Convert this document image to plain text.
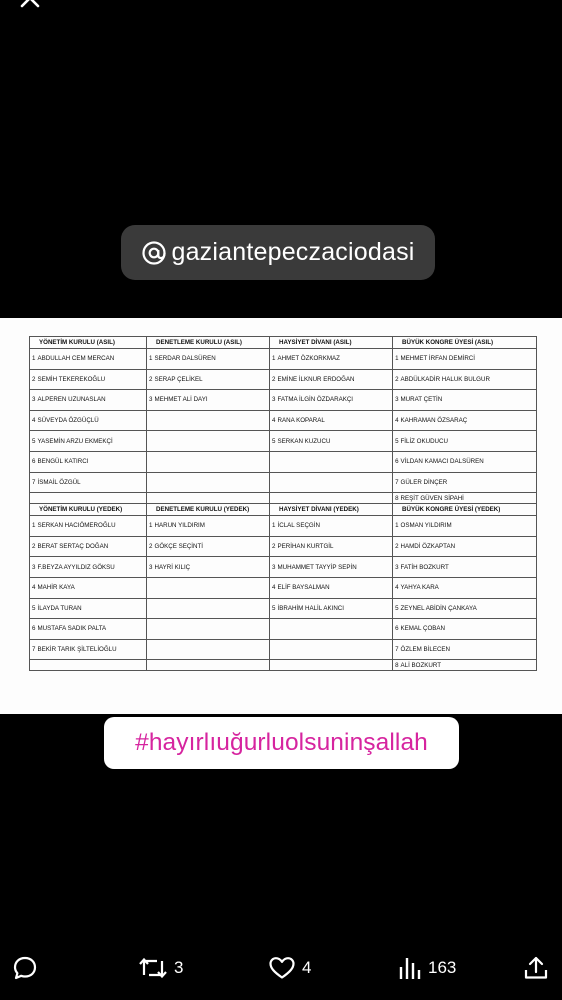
gaziantepeczaciodasi
YÖNETİM KURULU (ASIL)		DENETLEME KURULU (ASIL)		HAYSİYET DİVANI (ASIL)		BÜYÜK KONGRE ÜYESİ (ASIL)	
1	ABDULLAH CEM MERCAN	1	SERDAR DALSÜREN	1	AHMET ÖZKORKMAZ	1	MEHMET İRFAN DEMİRCİ
2	SEMİH TEKEREKOĞLU	2	SERAP ÇELİKEL	2	EMİNE İLKNUR ERDOĞAN	2	ABDÜLKADİR HALUK BULGUR
3	ALPEREN UZUNASLAN	3	MEHMET ALİ DAYI	3	FATMA İLGİN ÖZDARAKÇI	3	MURAT ÇETİN
4	SÜVEYDA ÖZGÜÇLÜ			4	RANA KOPARAL	4	KAHRAMAN ÖZSARAÇ
5	YASEMİN ARZU EKMEKÇİ			5	SERKAN KUZUCU	5	FİLİZ OKUDUCU
6	BENGÜL KATIRCI					6	VİLDAN KAMACI DALSÜREN
7	İSMAİL ÖZGÜL					7	GÜLER DİNÇER
						8	REŞİT GÜVEN SİPAHİ
YÖNETİM KURULU (YEDEK)		DENETLEME KURULU (YEDEK)		HAYSİYET DİVANI (YEDEK)		BÜYÜK KONGRE ÜYESİ (YEDEK)	
1	SERKAN HACIÖMEROĞLU	1	HARUN YILDIRIM	1	İCLAL SEÇGİN	1	OSMAN YILDIRIM
2	BERAT SERTAÇ DOĞAN	2	GÖKÇE SEÇİNTİ	2	PERİHAN KURTGİL	2	HAMDİ ÖZKAPTAN
3	F.BEYZA AYYILDIZ GÖKSU	3	HAYRİ KILIÇ	3	MUHAMMET TAYYİP SEPİN	3	FATİH BOZKURT
4	MAHİR KAYA			4	ELİF BAYSALMAN	4	YAHYA KARA
5	İLAYDA TURAN			5	İBRAHİM HALİL AKINCI	5	ZEYNEL ABİDİN ÇANKAYA
6	MUSTAFA SADIK PALTA					6	KEMAL ÇOBAN
7	BEKİR TARIK ŞİLTELİOĞLU					7	ÖZLEM BİLECEN
						8	ALİ BOZKURT
# hayırlıuğurluolsuninşallah
3	4	163
